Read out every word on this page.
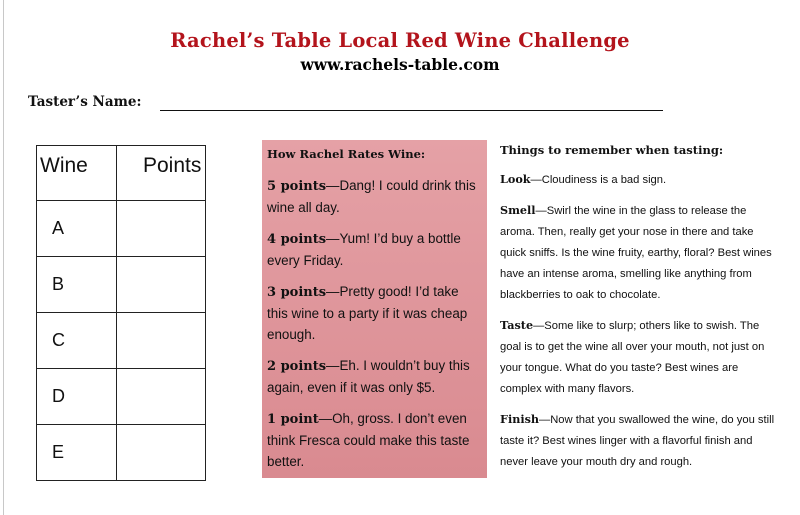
Rachel’s Table Local Red Wine Challenge
www.rachels-table.com
Taster’s Name:
Wine	Points
A	
B	
C	
D	
E	
How Rachel Rates Wine:
5 points—Dang! I could drink this wine all day.
4 points—Yum! I’d buy a bottle every Friday.
3 points—Pretty good! I’d take this wine to a party if it was cheap enough.
2 points—Eh. I wouldn’t buy this again, even if it was only $5.
1 point—Oh, gross. I don’t even think Fresca could make this taste better.
Things to remember when tasting:
Look—Cloudiness is a bad sign.
Smell—Swirl the wine in the glass to release the aroma. Then, really get your nose in there and take quick sniffs. Is the wine fruity, earthy, floral? Best wines have an intense aroma, smelling like anything from blackberries to oak to chocolate.
Taste—Some like to slurp; others like to swish. The goal is to get the wine all over your mouth, not just on your tongue. What do you taste? Best wines are complex with many flavors.
Finish—Now that you swallowed the wine, do you still taste it? Best wines linger with a flavorful finish and never leave your mouth dry and rough.
